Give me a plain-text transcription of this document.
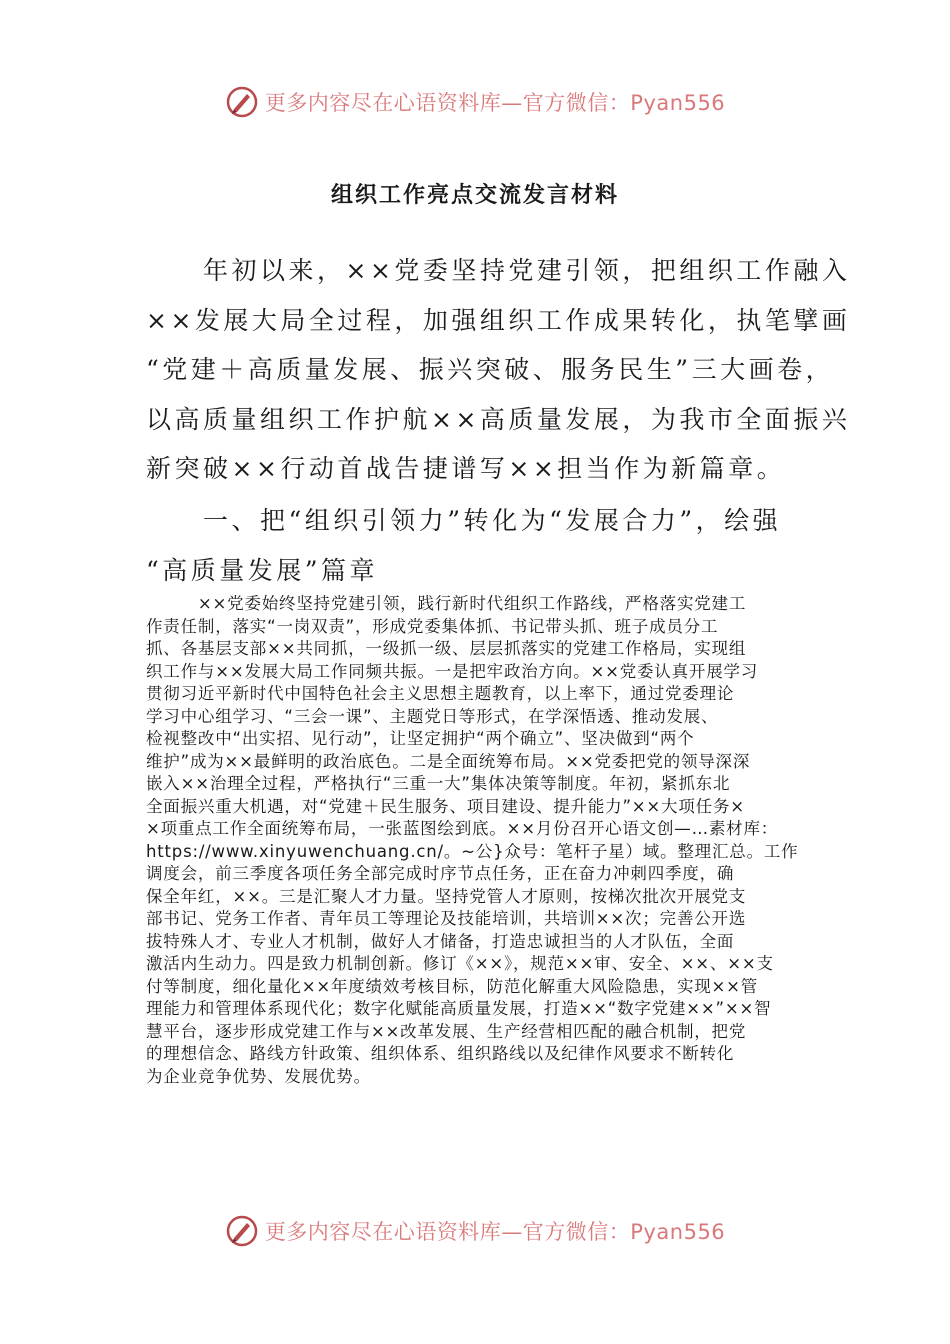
更多内容尽在心语资料库—官方微信：Pyan556
组织工作亮点交流发言材料
　　年初以来，××党委坚持党建引领，把组织工作融入
××发展大局全过程，加强组织工作成果转化，执笔擘画
“党建＋高质量发展、振兴突破、服务民生”三大画卷，
以高质量组织工作护航××高质量发展，为我市全面振兴
新突破××行动首战告捷谱写××担当作为新篇章。
　　一、把“组织引领力”转化为“发展合力”，绘强
“高质量发展”篇章
　　　××党委始终坚持党建引领，践行新时代组织工作路线，严格落实党建工
作责任制，落实“一岗双责”，形成党委集体抓、书记带头抓、班子成员分工
抓、各基层支部××共同抓，一级抓一级、层层抓落实的党建工作格局，实现组
织工作与××发展大局工作同频共振。一是把牢政治方向。××党委认真开展学习
贯彻习近平新时代中国特色社会主义思想主题教育，以上率下，通过党委理论
学习中心组学习、“三会一课”、主题党日等形式，在学深悟透、推动发展、
检视整改中“出实招、见行动”，让坚定拥护“两个确立”、坚决做到“两个
维护”成为××最鲜明的政治底色。二是全面统筹布局。××党委把党的领导深深
嵌入××治理全过程，严格执行“三重一大”集体决策等制度。年初，紧抓东北
全面振兴重大机遇，对“党建＋民生服务、项目建设、提升能力”××大项任务×
×项重点工作全面统筹布局，一张蓝图绘到底。××月份召开心语文创—…素材库：
https://www.xinyuwenchuang.cn/。~公}众号：笔杆子星）域。整理汇总。工作
调度会，前三季度各项任务全部完成时序节点任务，正在奋力冲刺四季度，确
保全年红，××。三是汇聚人才力量。坚持党管人才原则，按梯次批次开展党支
部书记、党务工作者、青年员工等理论及技能培训，共培训××次；完善公开选
拔特殊人才、专业人才机制，做好人才储备，打造忠诚担当的人才队伍，全面
激活内生动力。四是致力机制创新。修订《××》，规范××审、安全、××、××支
付等制度，细化量化××年度绩效考核目标，防范化解重大风险隐患，实现××管
理能力和管理体系现代化；数字化赋能高质量发展，打造××“数字党建××”××智
慧平台，逐步形成党建工作与××改革发展、生产经营相匹配的融合机制，把党
的理想信念、路线方针政策、组织体系、组织路线以及纪律作风要求不断转化
为企业竞争优势、发展优势。
更多内容尽在心语资料库—官方微信：Pyan556
